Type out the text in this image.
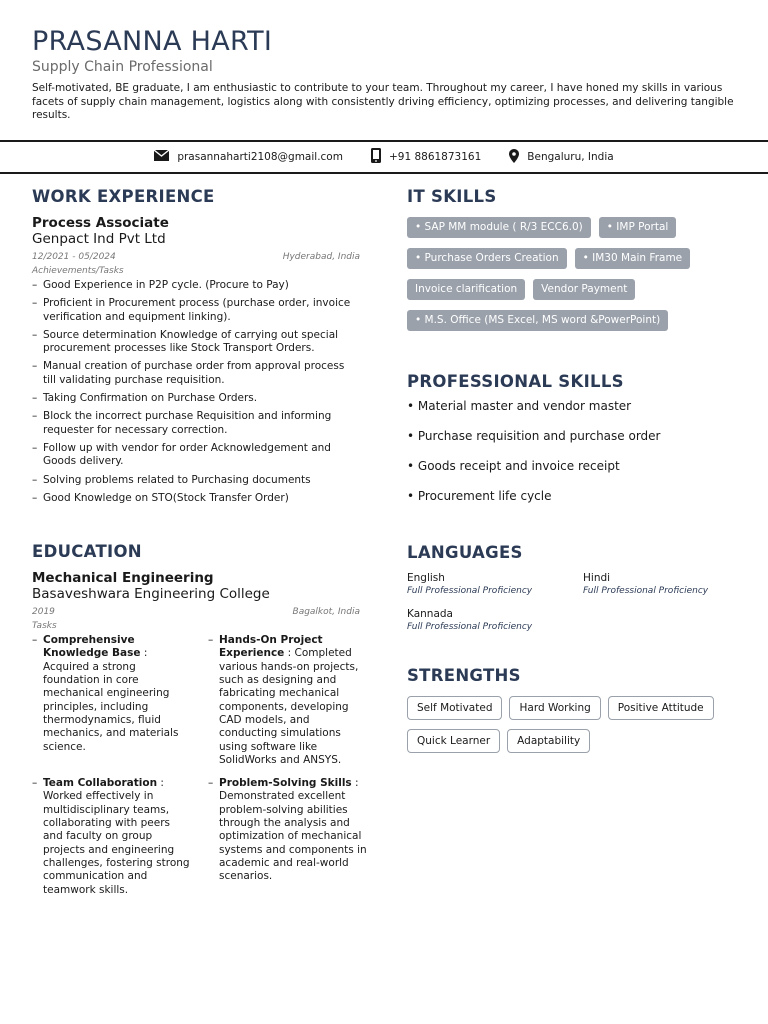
PRASANNA HARTI
Supply Chain Professional
Self-motivated, BE graduate, I am enthusiastic to contribute to your team. Throughout my career, I have honed my skills in various facets of supply chain management, logistics along with consistently driving efficiency, optimizing processes, and delivering tangible results.
prasannaharti2108@gmail.com	+91 8861873161	Bengaluru, India
WORK EXPERIENCE
Process Associate
Genpact Ind Pvt Ltd
12/2021 - 05/2024	Hyderabad, India
Achievements/Tasks
– Good Experience in P2P cycle. (Procure to Pay)
– Proficient in Procurement process (purchase order, invoice verification and equipment linking).
– Source determination Knowledge of carrying out special procurement processes like Stock Transport Orders.
– Manual creation of purchase order from approval process till validating purchase requisition.
– Taking Confirmation on Purchase Orders.
– Block the incorrect purchase Requisition and informing requester for necessary correction.
– Follow up with vendor for order Acknowledgement and Goods delivery.
– Solving problems related to Purchasing documents
– Good Knowledge on STO(Stock Transfer Order)
EDUCATION
Mechanical Engineering
Basaveshwara Engineering College
2019	Bagalkot, India
Tasks
– Comprehensive Knowledge Base : Acquired a strong foundation in core mechanical engineering principles, including thermodynamics, fluid mechanics, and materials science.
– Hands-On Project Experience : Completed various hands-on projects, such as designing and fabricating mechanical components, developing CAD models, and conducting simulations using software like SolidWorks and ANSYS.
– Team Collaboration : Worked effectively in multidisciplinary teams, collaborating with peers and faculty on group projects and engineering challenges, fostering strong communication and teamwork skills.
– Problem-Solving Skills : Demonstrated excellent problem-solving abilities through the analysis and optimization of mechanical systems and components in academic and real-world scenarios.
IT SKILLS
• SAP MM module ( R/3 ECC6.0)	• IMP Portal
• Purchase Orders Creation	• IM30 Main Frame
Invoice clarification	Vendor Payment
• M.S. Office (MS Excel, MS word &PowerPoint)
PROFESSIONAL SKILLS
• Material master and vendor master
• Purchase requisition and purchase order
• Goods receipt and invoice receipt
• Procurement life cycle
LANGUAGES
English
Full Professional Proficiency
Hindi
Full Professional Proficiency
Kannada
Full Professional Proficiency
STRENGTHS
Self Motivated	Hard Working	Positive Attitude
Quick Learner	Adaptability
